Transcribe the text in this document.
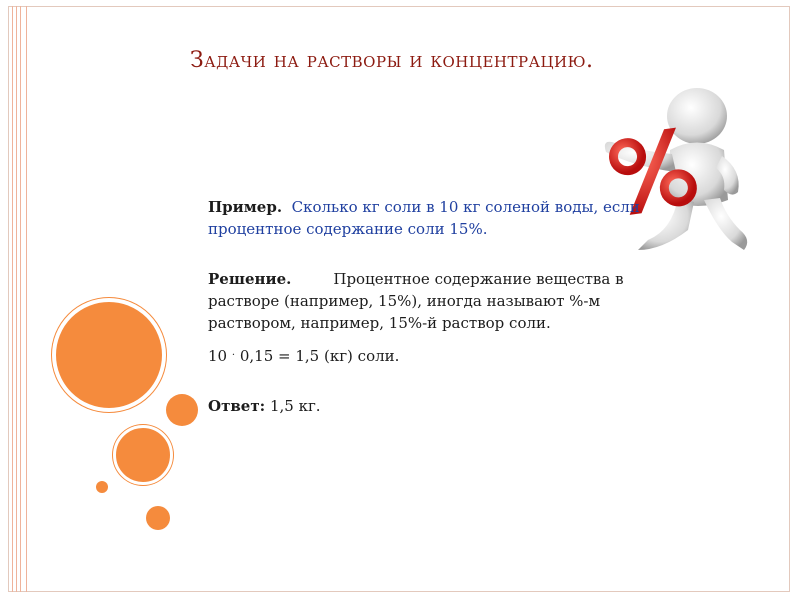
Задачи на растворы и концентрацию.

Пример. Сколько кг соли в 10 кг соленой воды, если процентное содержание соли 15%.

Решение.	Процентное содержание вещества в растворе (например, 15%), иногда называют %-м раствором, например, 15%-й раствор соли.

10 . 0,15 = 1,5 (кг) соли.

Ответ: 1,5 кг.
